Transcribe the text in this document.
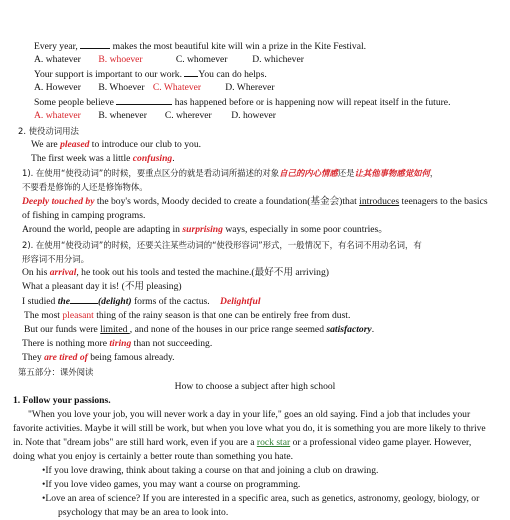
Every year,	makes the most beautiful kite will win a prize in the Kite Festival.
A. whatever B. whoever	C. whomever	D. whichever
Your support is important to our work. You can do helps.
A. However B. Whoever C. Whatever	D. Wherever
Some people believe	has happened before or is happening now will repeat itself in the future.
A. whatever B. whenever C. wherever D. however
2. 使役动词用法
We are pleased to introduce our club to you.
The first week was a little confusing.
1). 在使用“使役动词”的时候，要重点区分的就是看动词所描述的对象自己的内心情感还是让其他事物感觉如何，
不要看是修饰的人还是修饰物体。
Deeply touched by the boy's words, Moody decided to create a foundation(基金会)that introduces teenagers to the basics
of fishing in camping programs.
Around the world, people are adapting in surprising ways, especially in some poor countries。
2). 在使用“使役动词”的时候，还要关注某些动词的“使役形容词”形式，一般情况下，有名词不用动名词，有
形容词不用分词。
On his arrival, he took out his tools and tested the machine.(最好不用 arriving)
What a pleasant day it is! (不用 pleasing)
I studied the	(delight) forms of the cactus. Delightful
The most pleasant thing of the rainy season is that one can be entirely free from dust.
But our funds were limited , and none of the houses in our price range seemed satisfactory.
There is nothing more tiring than not succeeding.
They are tired of being famous already.
第五部分：课外阅读
How to choose a subject after high school
1. Follow your passions.
"When you love your job, you will never work a day in your life," goes an old saying. Find a job that includes your
favorite activities. Maybe it will still be work, but when you love what you do, it is something you are more likely to thrive
in. Note that "dream jobs" are still hard work, even if you are a rock star or a professional video game player. However,
doing what you enjoy is certainly a better route than something you hate.
•If you love drawing, think about taking a course on that and joining a club on drawing.
•If you love video games, you may want a course on programming.
•Love an area of science? If you are interested in a specific area, such as genetics, astronomy, geology, biology, or
psychology that may be an area to look into.
